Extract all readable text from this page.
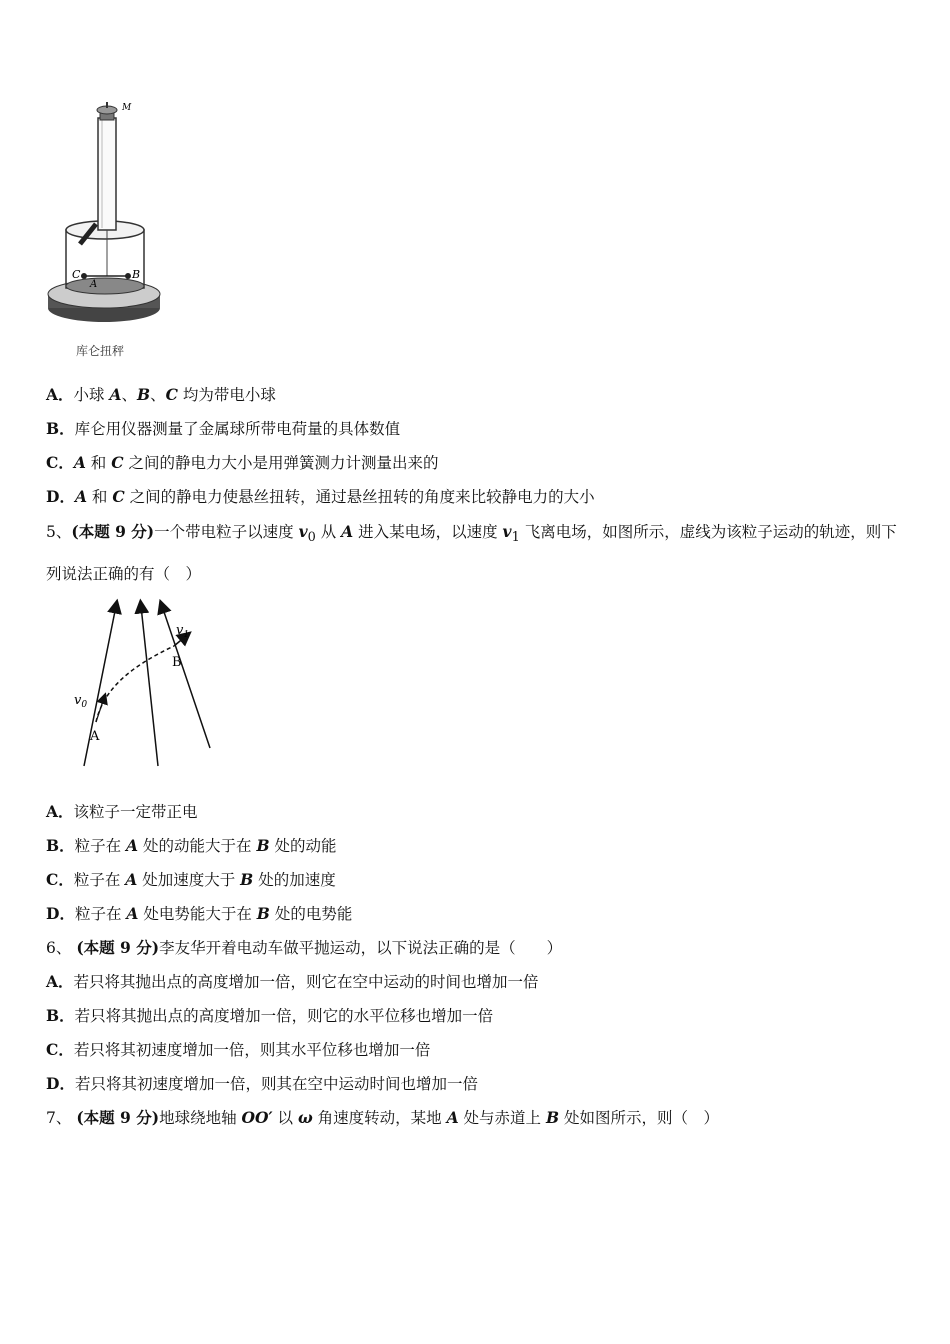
M
C
A
B
库仑扭秤
A．小球 A、B、C 均为带电小球
B．库仑用仪器测量了金属球所带电荷量的具体数值
C．A 和 C 之间的静电力大小是用弹簧测力计测量出来的
D．A 和 C 之间的静电力使悬丝扭转，通过悬丝扭转的角度来比较静电力的大小
5、(本题 9 分)一个带电粒子以速度 $v_0$ 从 A 进入某电场，以速度 $v_1$ 飞离电场，如图所示，虚线为该粒子运动的轨迹，则下列说法正确的有（　）
$v_0$
$v_1$
A
B
A．该粒子一定带正电
B．粒子在 A 处的动能大于在 B 处的动能
C．粒子在 A 处加速度大于 B 处的加速度
D．粒子在 A 处电势能大于在 B 处的电势能
6、 (本题 9 分)李友华开着电动车做平抛运动，以下说法正确的是（　　）
A．若只将其抛出点的高度增加一倍，则它在空中运动的时间也增加一倍
B．若只将其抛出点的高度增加一倍，则它的水平位移也增加一倍
C．若只将其初速度增加一倍，则其水平位移也增加一倍
D．若只将其初速度增加一倍，则其在空中运动时间也增加一倍
7、 (本题 9 分)地球绕地轴 OO′ 以 ω 角速度转动，某地 A 处与赤道上 B 处如图所示，则（　）
